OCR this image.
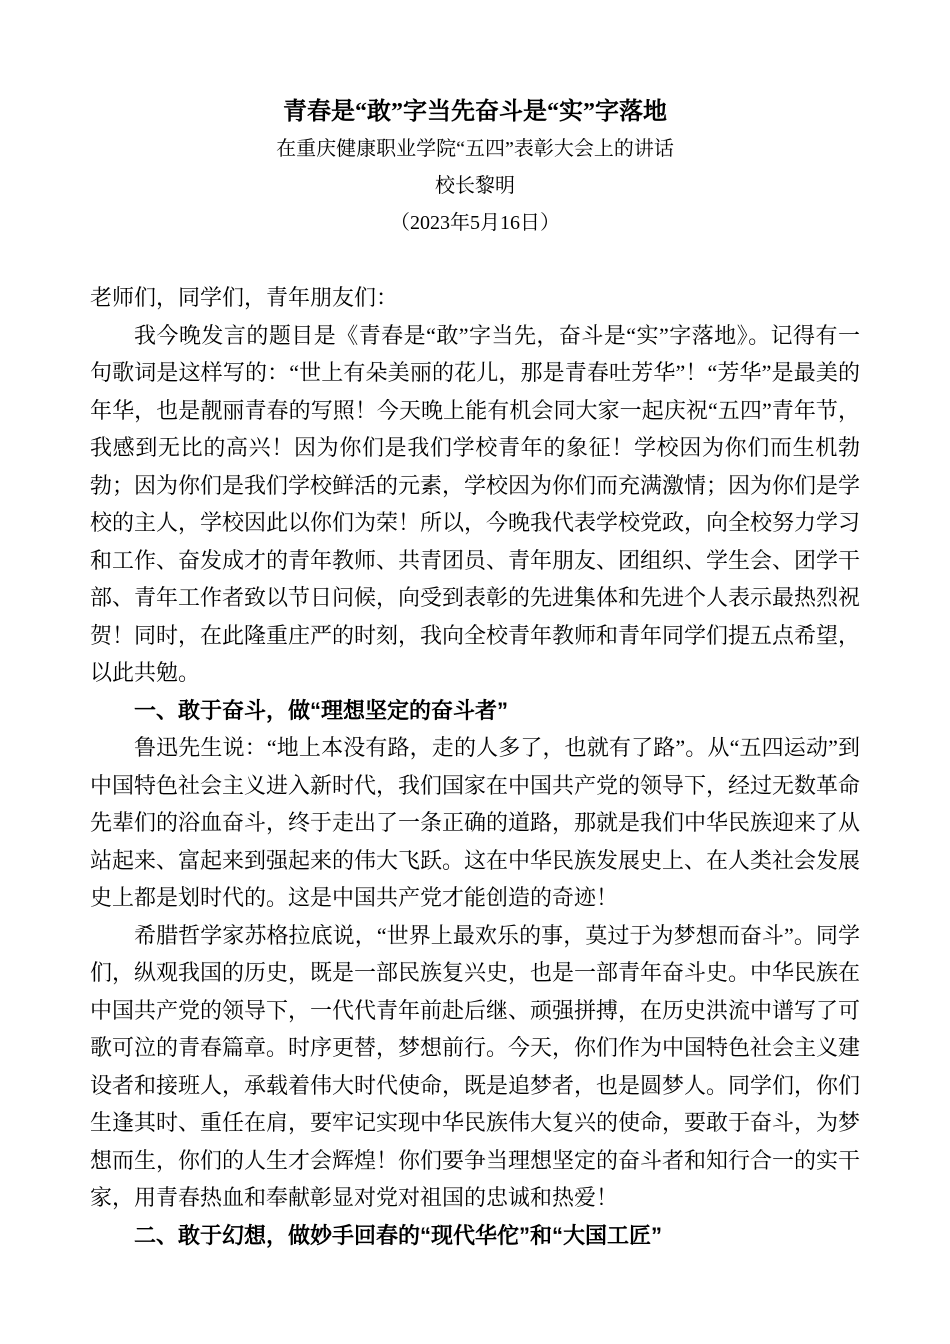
青春是“敢”字当先奋斗是“实”字落地
在重庆健康职业学院“五四”表彰大会上的讲话
校长黎明
（2023年5月16日）

老师们，同学们，青年朋友们：

我今晚发言的题目是《青春是“敢”字当先，奋斗是“实”字落地》。记得有一句歌词是这样写的：“世上有朵美丽的花儿，那是青春吐芳华”！“芳华”是最美的年华，也是靓丽青春的写照！今天晚上能有机会同大家一起庆祝“五四”青年节，我感到无比的高兴！因为你们是我们学校青年的象征！学校因为你们而生机勃勃；因为你们是我们学校鲜活的元素，学校因为你们而充满激情；因为你们是学校的主人，学校因此以你们为荣！所以，今晚我代表学校党政，向全校努力学习和工作、奋发成才的青年教师、共青团员、青年朋友、团组织、学生会、团学干部、青年工作者致以节日问候，向受到表彰的先进集体和先进个人表示最热烈祝贺！同时，在此隆重庄严的时刻，我向全校青年教师和青年同学们提五点希望，以此共勉。

一、敢于奋斗，做“理想坚定的奋斗者”

鲁迅先生说：“地上本没有路，走的人多了，也就有了路”。从“五四运动”到中国特色社会主义进入新时代，我们国家在中国共产党的领导下，经过无数革命先辈们的浴血奋斗，终于走出了一条正确的道路，那就是我们中华民族迎来了从站起来、富起来到强起来的伟大飞跃。这在中华民族发展史上、在人类社会发展史上都是划时代的。这是中国共产党才能创造的奇迹！

希腊哲学家苏格拉底说，“世界上最欢乐的事，莫过于为梦想而奋斗”。同学们，纵观我国的历史，既是一部民族复兴史，也是一部青年奋斗史。中华民族在中国共产党的领导下，一代代青年前赴后继、顽强拼搏，在历史洪流中谱写了可歌可泣的青春篇章。时序更替，梦想前行。今天，你们作为中国特色社会主义建设者和接班人，承载着伟大时代使命，既是追梦者，也是圆梦人。同学们，你们生逢其时、重任在肩，要牢记实现中华民族伟大复兴的使命，要敢于奋斗，为梦想而生，你们的人生才会辉煌！你们要争当理想坚定的奋斗者和知行合一的实干家，用青春热血和奉献彰显对党对祖国的忠诚和热爱！

二、敢于幻想，做妙手回春的“现代华佗”和“大国工匠”
